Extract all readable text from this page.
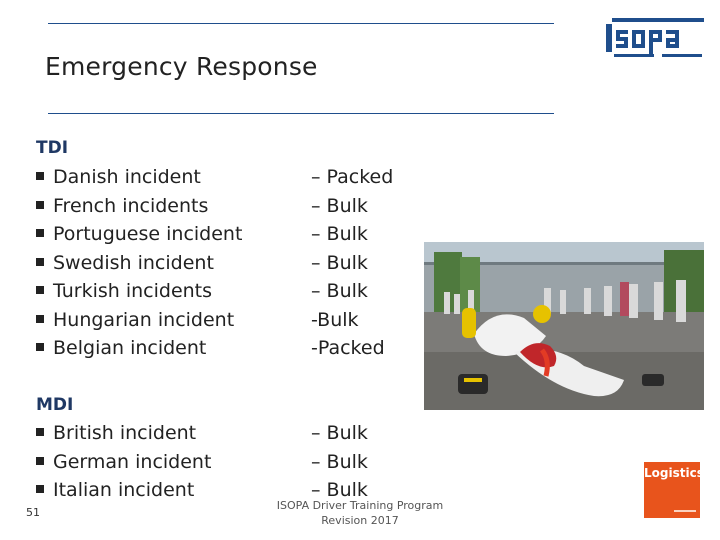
Emergency Response
TDI
Danish incident
French incidents
Portuguese incident
Swedish incident
Turkish incidents
Hungarian incident
Belgian incident
– Packed
– Bulk
– Bulk
– Bulk
– Bulk
-Bulk
-Packed
MDI
British incident
German incident
Italian incident
– Bulk
– Bulk
– Bulk
Logistics
51
ISOPA Driver Training Program
Revision 2017
